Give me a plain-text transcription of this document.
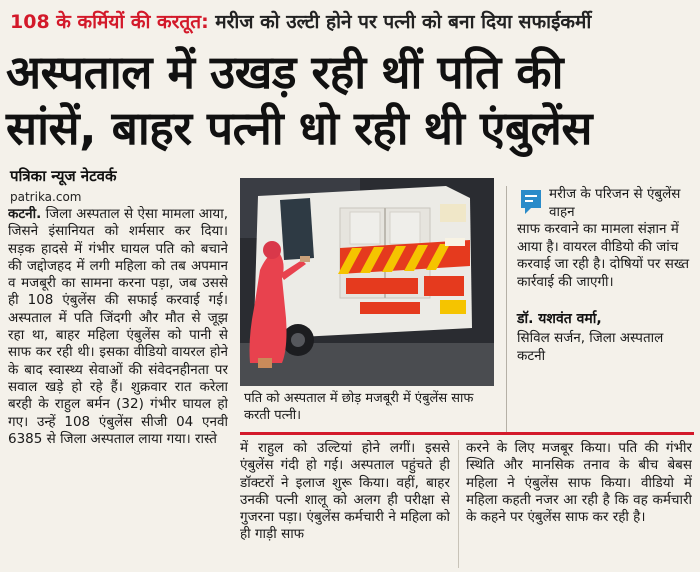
108 के कर्मियों की करतूत: मरीज को उल्टी होने पर पत्नी को बना दिया सफाईकर्मी
अस्पताल में उखड़ रही थीं पति की
सांसें, बाहर पत्नी धो रही थी एंबुलेंस
पत्रिका न्यूज नेटवर्क
patrika.com
कटनी. जिला अस्पताल से ऐसा मामला आया, जिसने इंसानियत को शर्मसार कर दिया। सड़क हादसे में गंभीर घायल पति को बचाने की जद्दोजहद में लगी महिला को तब अपमान व मजबूरी का सामना करना पड़ा, जब उससे ही 108 एंबुलेंस की सफाई करवाई गई। अस्पताल में पति जिंदगी और मौत से जूझ रहा था, बाहर महिला एंबुलेंस को पानी से साफ कर रही थी। इसका वीडियो वायरल होने के बाद स्वास्थ्य सेवाओं की संवेदनहीनता पर सवाल खड़े हो रहे हैं। शुक्रवार रात करेला बरही के राहुल बर्मन (32) गंभीर घायल हो गए। उन्हें 108 एंबुलेंस सीजी 04 एनवी 6385 से जिला अस्पताल लाया गया। रास्ते
पति को अस्पताल में छोड़ मजबूरी में एंबुलेंस साफ करती पत्नी।
मरीज के परिजन से एंबुलेंस वाहन
साफ करवाने का मामला संज्ञान में आया है। वायरल वीडियो की जांच करवाई जा रही है। दोषियों पर सख्त कार्रवाई की जाएगी।
डॉ. यशवंत वर्मा,
सिविल सर्जन, जिला अस्पताल कटनी
में राहुल को उल्टियां होने लगीं। इससे एंबुलेंस गंदी हो गई। अस्पताल पहुंचते ही डॉक्टरों ने इलाज शुरू किया। वहीं, बाहर उनकी पत्नी शालू को अलग ही परीक्षा से गुजरना पड़ा। एंबुलेंस कर्मचारी ने महिला को ही गाड़ी साफ
करने के लिए मजबूर किया। पति की गंभीर स्थिति और मानसिक तनाव के बीच बेबस महिला ने एंबुलेंस साफ किया। वीडियो में महिला कहती नजर आ रही है कि वह कर्मचारी के कहने पर एंबुलेंस साफ कर रही है।
